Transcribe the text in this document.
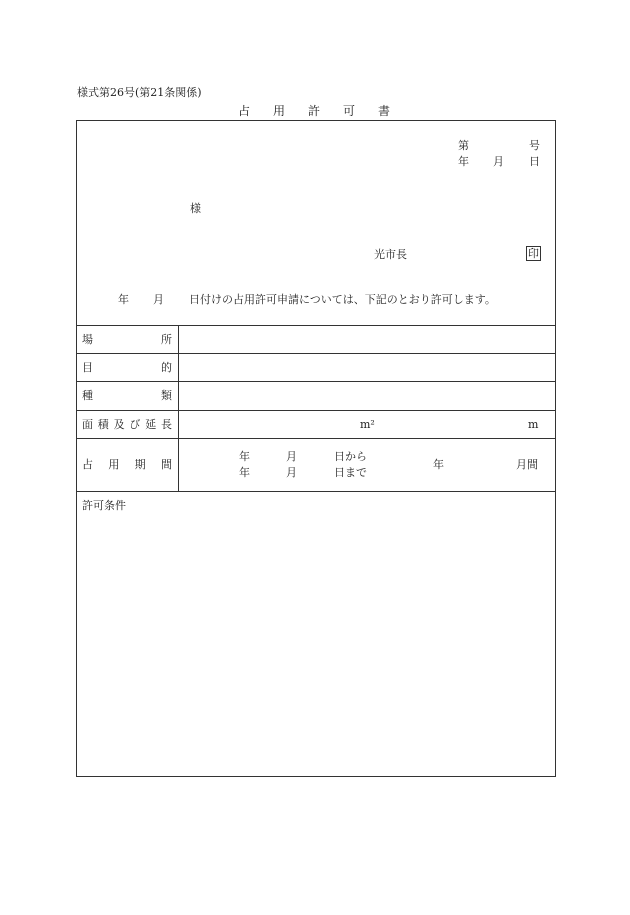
様式第26号(第21条関係)
占 用 許 可 書
第	号
年 月 日
様
光市長	印
年 月 日付けの占用許可申請については、下記のとおり許可します。
場	所
目	的
種	類
面 積 及 び 延 長	m²	m
占 用 期 間
年	月	日から
年	月	日まで
年	月間
許可条件
